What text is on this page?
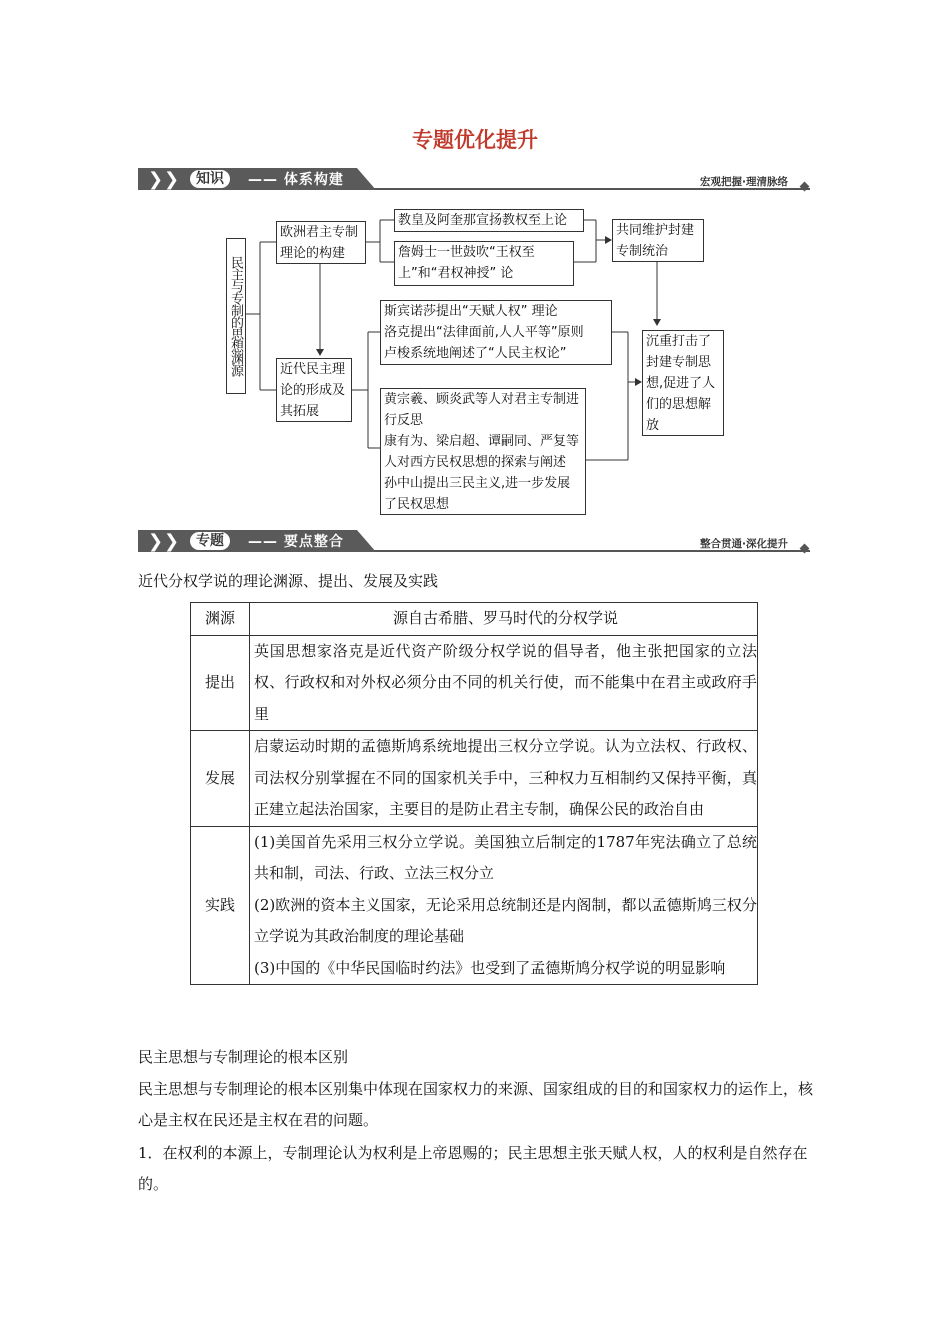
专题优化提升
❯ ❯	知识	—— 体系构建	宏观把握·理清脉络
民主与专制的思想渊源
欧洲君主专制理论的构建
教皇及阿奎那宣扬教权至上论
詹姆士一世鼓吹“王权至上”和“君权神授” 论
共同维护封建专制统治
近代民主理论的形成及其拓展
斯宾诺莎提出“天赋人权” 理论
洛克提出“法律面前,人人平等”原则
卢梭系统地阐述了“人民主权论”
黄宗羲、顾炎武等人对君主专制进行反思
康有为、梁启超、谭嗣同、严复等人对西方民权思想的探索与阐述
孙中山提出三民主义,进一步发展了民权思想
沉重打击了封建专制思想,促进了人们的思想解放
❯ ❯	专题	—— 要点整合	整合贯通·深化提升
近代分权学说的理论渊源、提出、发展及实践
渊源	源自古希腊、罗马时代的分权学说
提出	英国思想家洛克是近代资产阶级分权学说的倡导者，他主张把国家的立法权、行政权和对外权必须分由不同的机关行使，而不能集中在君主或政府手里
发展	启蒙运动时期的孟德斯鸠系统地提出三权分立学说。认为立法权、行政权、司法权分别掌握在不同的国家机关手中，三种权力互相制约又保持平衡，真正建立起法治国家，主要目的是防止君主专制，确保公民的政治自由
实践	(1)美国首先采用三权分立学说。美国独立后制定的1787年宪法确立了总统共和制，司法、行政、立法三权分立
(2)欧洲的资本主义国家，无论采用总统制还是内阁制，都以孟德斯鸠三权分立学说为其政治制度的理论基础
(3)中国的《中华民国临时约法》也受到了孟德斯鸠分权学说的明显影响
民主思想与专制理论的根本区别
民主思想与专制理论的根本区别集中体现在国家权力的来源、国家组成的目的和国家权力的运作上，核心是主权在民还是主权在君的问题。
1．在权利的本源上，专制理论认为权利是上帝恩赐的；民主思想主张天赋人权，人的权利是自然存在的。
